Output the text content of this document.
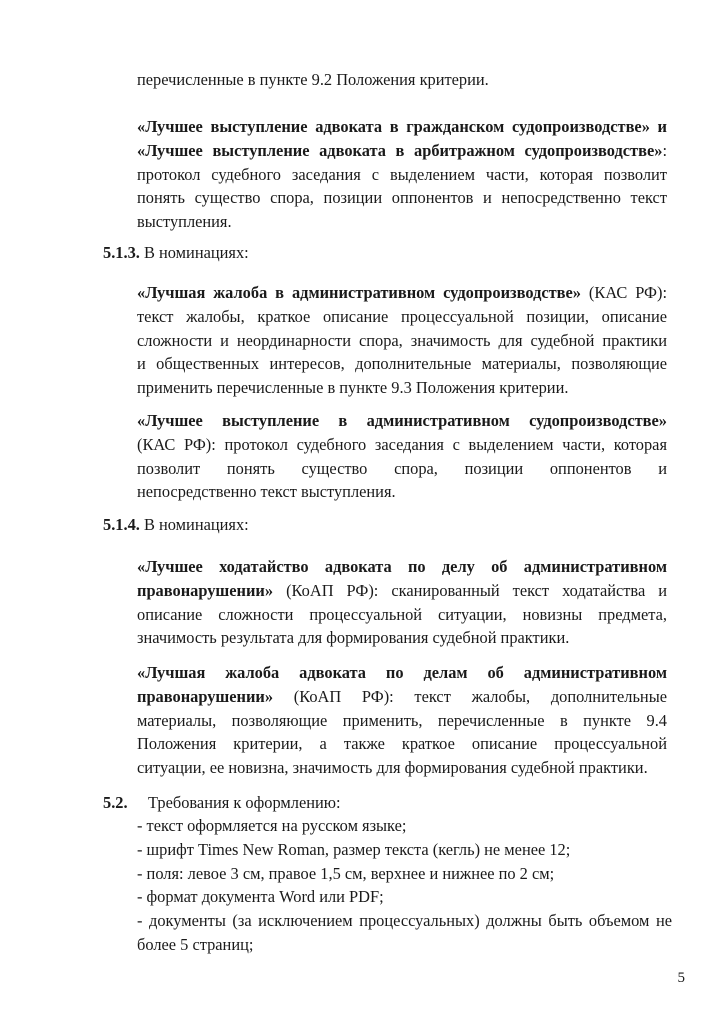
перечисленные в пункте 9.2 Положения критерии.

«Лучшее выступление адвоката в гражданском судопроизводстве» и

«Лучшее выступление адвоката в арбитражном судопроизводстве»:

протокол судебного заседания с выделением части, которая позволит

понять существо спора, позиции оппонентов и непосредственно текст

выступления.

5.1.3. В номинациях:

«Лучшая жалоба в административном судопроизводстве» (КАС РФ):

текст жалобы, краткое описание процессуальной позиции, описание

сложности и неординарности спора, значимость для судебной практики

и общественных интересов, дополнительные материалы, позволяющие

применить перечисленные в пункте 9.3 Положения критерии.

«Лучшее выступление в административном судопроизводстве»

(КАС РФ): протокол судебного заседания с выделением части, которая

позволит понять существо спора, позиции оппонентов и

непосредственно текст выступления.

5.1.4. В номинациях:

«Лучшее ходатайство адвоката по делу об административном

правонарушении» (КоАП РФ): сканированный текст ходатайства и

описание сложности процессуальной ситуации, новизны предмета,

значимость результата для формирования судебной практики.

«Лучшая жалоба адвоката по делам об административном

правонарушении» (КоАП РФ): текст жалобы, дополнительные

материалы, позволяющие применить, перечисленные в пункте 9.4

Положения критерии, а также краткое описание процессуальной

ситуации, ее новизна, значимость для формирования судебной практики.

5.2. Требования к оформлению:

- текст оформляется на русском языке;

- шрифт Times New Roman, размер текста (кегль) не менее 12;

- поля: левое 3 см, правое 1,5 см, верхнее и нижнее по 2 см;

- формат документа Word или PDF;

- документы (за исключением процессуальных) должны быть объемом не

более 5 страниц;

5
